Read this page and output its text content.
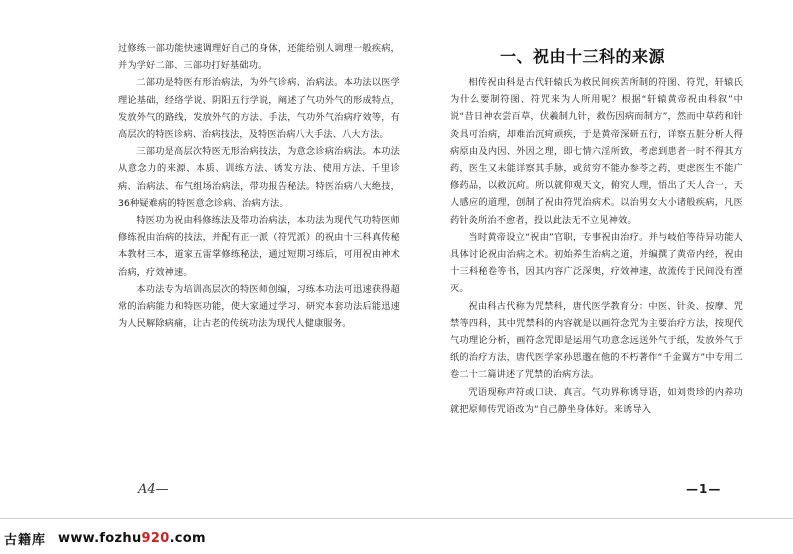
过修练一部功能快速调理好自己的身体，还能给别人调理一般疾病，并为学好二部、三部功打好基础功。

二部功是特医有形治病法，为外气诊病、治病法。本功法以医学理论基础，经络学说、阴阳五行学说，阐述了气功外气的形成特点，发放外气的路线，发放外气的方法、手法，气功外气治病疗效等，有高层次的特医诊病、治病技法，及特医治病八大手法、八大方法。

三部功是高层次特医无形治病技法，为意念诊病治病法。本功法从意念力的来源、本质、训练方法、诱发方法、使用方法、千里诊病、治病法、布气组场治病法，带功报告秘法。特医治病八大绝技，36种疑难病的特医意念诊病、治病方法。

特医功为祝由科修练法及带功治病法，本功法为现代气功特医师修练祝由治病的技法，并配有正一派（符咒派）的祝由十三科真传秘本教材三本，道家五雷掌修练秘法，通过短期习练后，可用祝由神术治病，疗效神速。

本功法专为培训高层次的特医师创编，习练本功法可迅速获得超常的治病能力和特医功能，使大家通过学习、研究本套功法后能迅速为人民解除病痛，让古老的传统功法为现代人健康服务。

一、祝由十三科的来源

相传祝由科是古代轩辕氏为救民间疾苦所制的符图、符咒，轩辕氏为什么要制符图、符咒来为人所用呢？根据“轩辕黄帝祝由科叙”中说“昔日神农尝百草，伏羲制九针，救伤因病而制方”，然而中草药和针灸具可治病，却难治沉疴顽疾，于是黄帝深研五行，详察五脏分析人得病原由及内因、外因之理，即七情六淫所致，考虑到患者一时不得其方药，医生又未能详察其手脉，或贫穷不能办参苓之药，更虑医生不能广修药品，以救沉疴。所以就仰观天文，俯究人理，悟出了天人合一，天人感应的道理，创制了祝由符咒治病术。以治男女大小诸般疾病，凡医药针灸所治不愈者，投以此法无不立见神效。

当时黄帝设立“祝由”官职，专事祝由治疗。并与岐伯等待异功能人具体讨论祝由治病之术。初始养生治病之道，并编撰了黄帝内经，祝由十三科秘卷等书，因其内容广泛深奥，疗效神速，故流传于民间没有湮灭。

祝由科古代称为咒禁科，唐代医学教育分：中医、针灸、按摩、咒禁等四科，其中咒禁科的内容就是以画符念咒为主要治疗方法，按现代气功理论分析，画符念咒即是运用气功意念远送外气于纸，发放外气于纸的治疗方法，唐代医学家孙思邈在他的不朽著作“千金翼方”中专用二卷二十二篇讲述了咒禁的治病方法。

咒语现称声符或口诀、真言。气功界称诱导语，如刘贵珍的内养功就把原师传咒语改为“自己静坐身体好。来诱导入

A4—	—1—
古籍库 www.fozhu920.com
